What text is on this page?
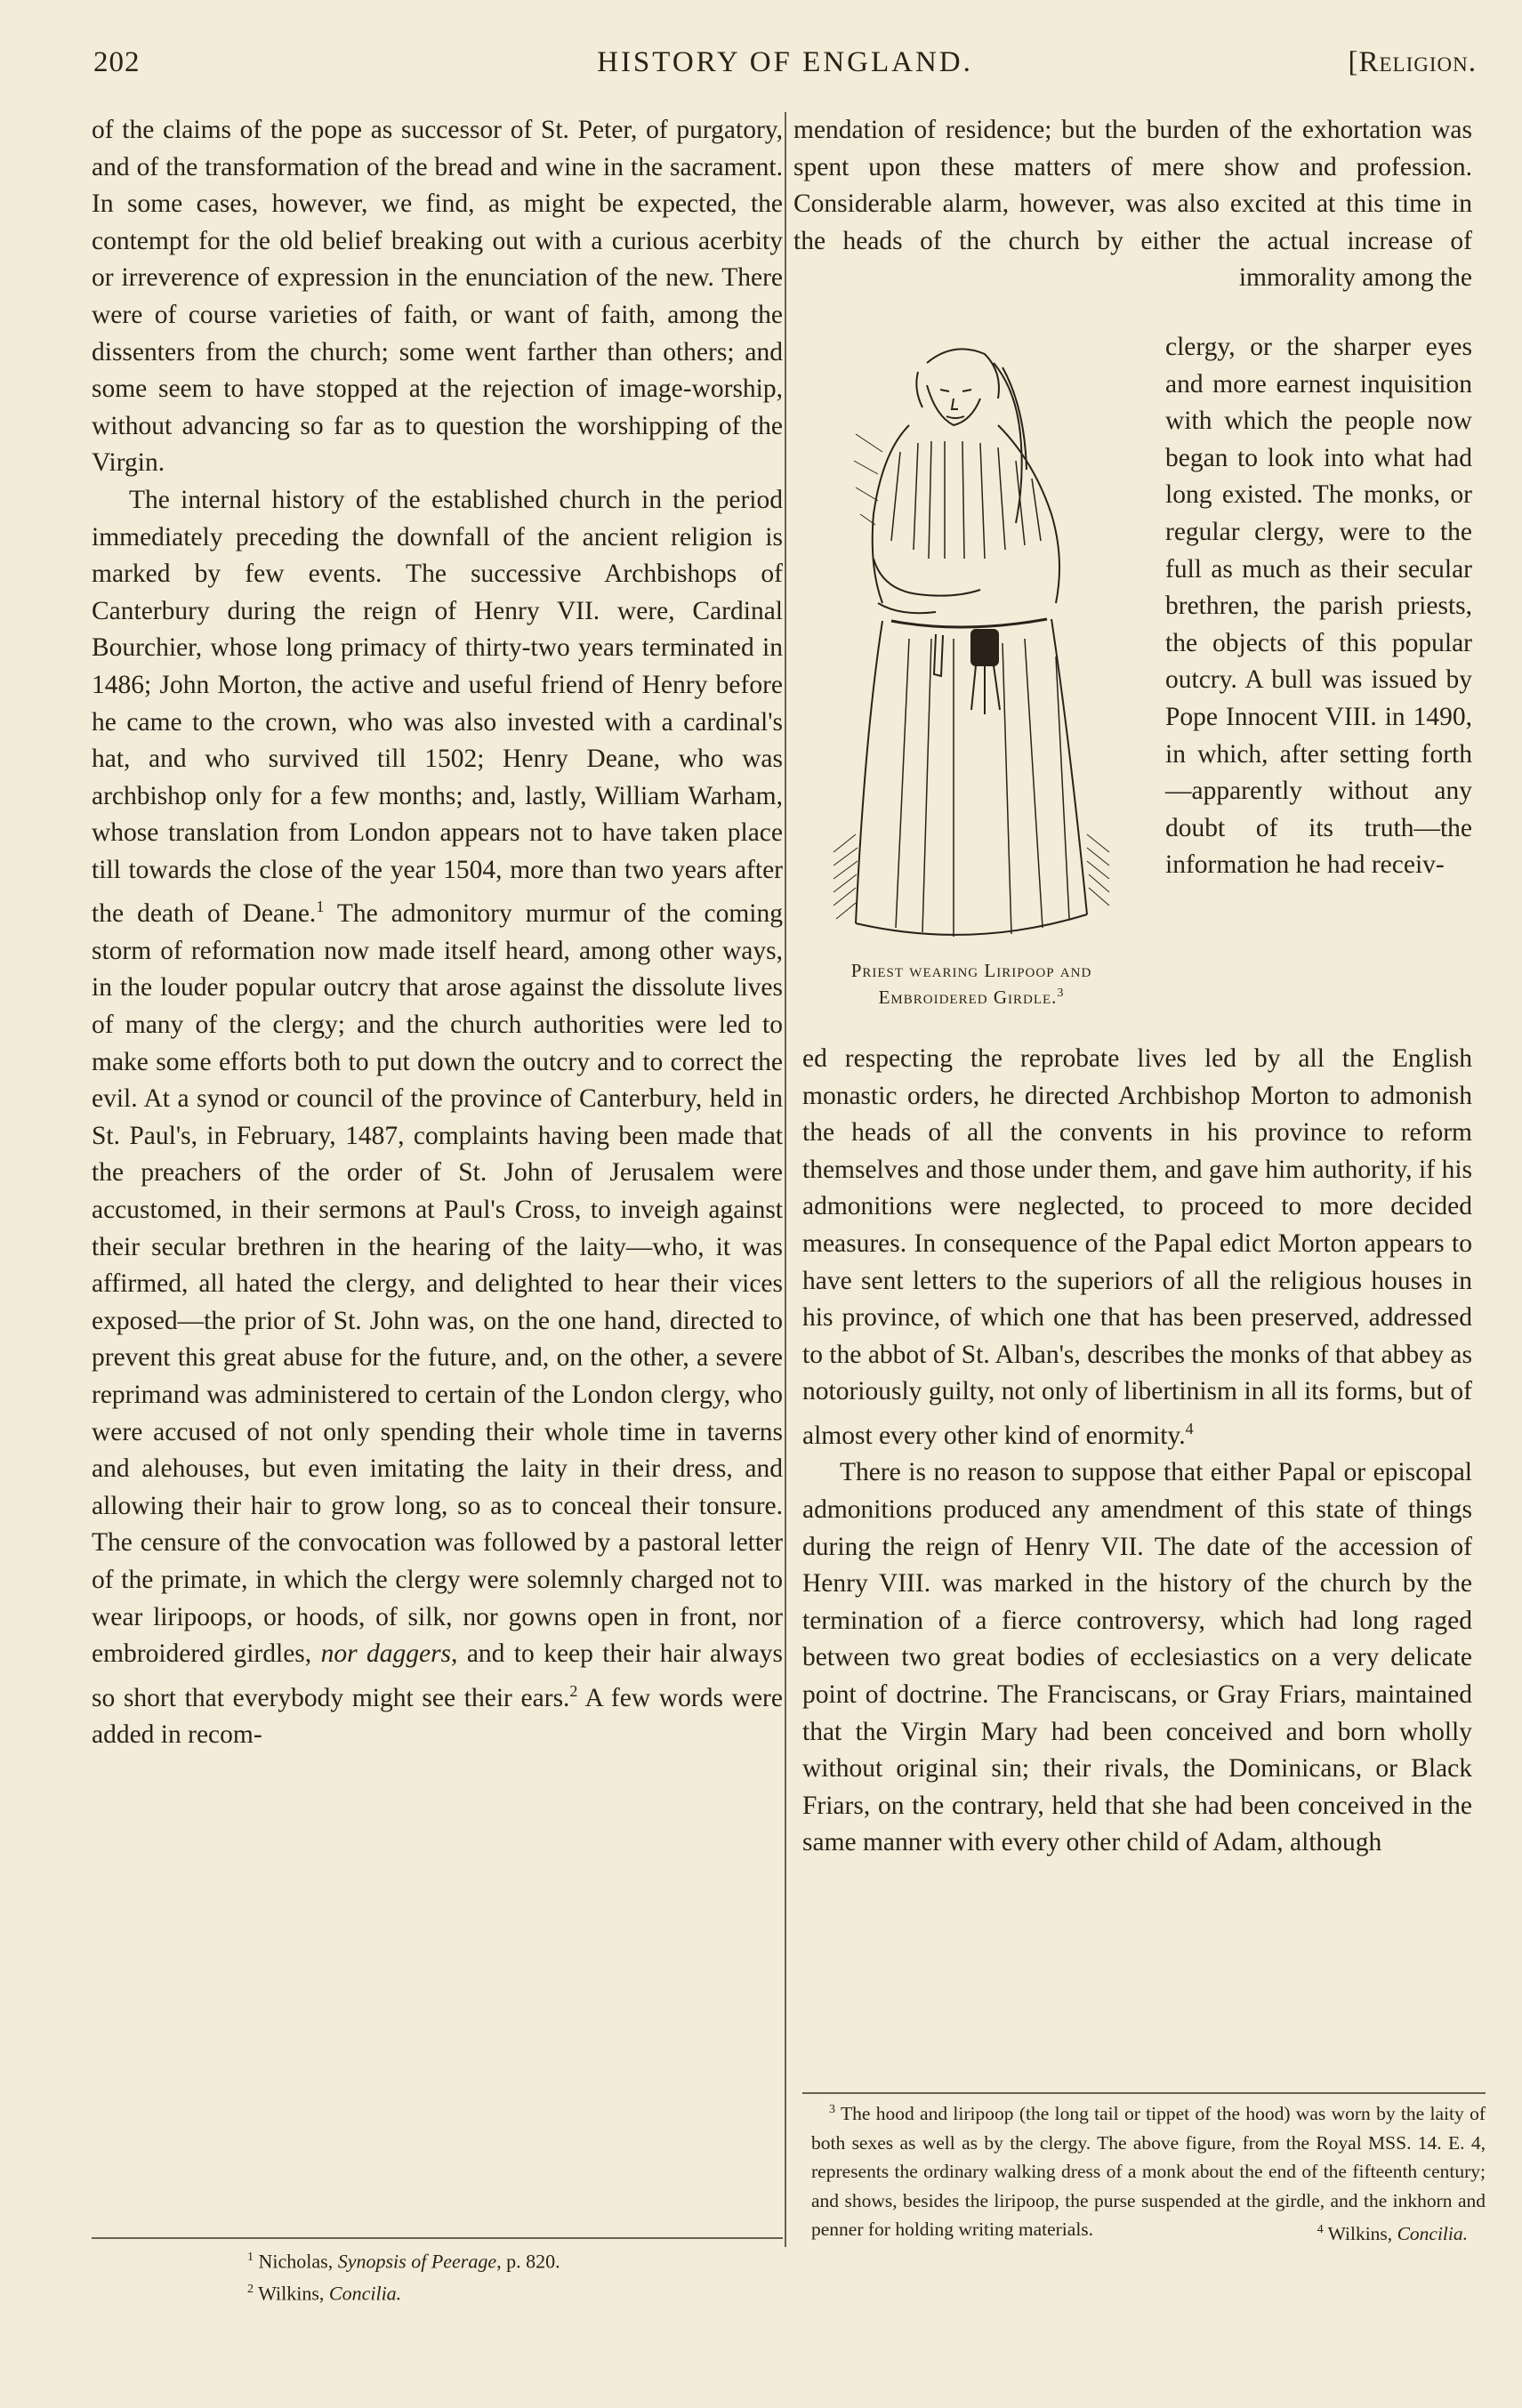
202	HISTORY OF ENGLAND.	[Religion.

of the claims of the pope as successor of St. Peter, of purgatory, and of the transformation of the bread and wine in the sacrament. In some cases, however, we find, as might be expected, the contempt for the old belief breaking out with a curious acerbity or irreverence of expression in the enunciation of the new. There were of course varieties of faith, or want of faith, among the dissenters from the church; some went farther than others; and some seem to have stopped at the rejection of image-worship, without advancing so far as to question the worshipping of the Virgin.

The internal history of the established church in the period immediately preceding the downfall of the ancient religion is marked by few events. The successive Archbishops of Canterbury during the reign of Henry VII. were, Cardinal Bourchier, whose long primacy of thirty-two years terminated in 1486; John Morton, the active and useful friend of Henry before he came to the crown, who was also invested with a cardinal's hat, and who survived till 1502; Henry Deane, who was archbishop only for a few months; and, lastly, William Warham, whose translation from London appears not to have taken place till towards the close of the year 1504, more than two years after the death of Deane.$^1$ The admonitory murmur of the coming storm of reformation now made itself heard, among other ways, in the louder popular outcry that arose against the dissolute lives of many of the clergy; and the church authorities were led to make some efforts both to put down the outcry and to correct the evil. At a synod or council of the province of Canterbury, held in St. Paul's, in February, 1487, complaints having been made that the preachers of the order of St. John of Jerusalem were accustomed, in their sermons at Paul's Cross, to inveigh against their secular brethren in the hearing of the laity—who, it was affirmed, all hated the clergy, and delighted to hear their vices exposed—the prior of St. John was, on the one hand, directed to prevent this great abuse for the future, and, on the other, a severe reprimand was administered to certain of the London clergy, who were accused of not only spending their whole time in taverns and alehouses, but even imitating the laity in their dress, and allowing their hair to grow long, so as to conceal their tonsure. The censure of the convocation was followed by a pastoral letter of the primate, in which the clergy were solemnly charged not to wear liripoops, or hoods, of silk, nor gowns open in front, nor embroidered girdles, nor daggers, and to keep their hair always so short that everybody might see their ears.$^2$ A few words were added in recom-

mendation of residence; but the burden of the exhortation was spent upon these matters of mere show and profession. Considerable alarm, however, was also excited at this time in the heads of the church by either the actual increase of immorality among the

Priest wearing Liripoop and
Embroidered Girdle.$^3$

clergy, or the sharper eyes and more earnest inquisition with which the people now began to look into what had long existed. The monks, or regular clergy, were to the full as much as their secular brethren, the parish priests, the objects of this popular outcry. A bull was issued by Pope Innocent VIII. in 1490, in which, after setting forth—apparently without any doubt of its truth—the information he had receiv-

ed respecting the reprobate lives led by all the English monastic orders, he directed Archbishop Morton to admonish the heads of all the convents in his province to reform themselves and those under them, and gave him authority, if his admonitions were neglected, to proceed to more decided measures. In consequence of the Papal edict Morton appears to have sent letters to the superiors of all the religious houses in his province, of which one that has been preserved, addressed to the abbot of St. Alban's, describes the monks of that abbey as notoriously guilty, not only of libertinism in all its forms, but of almost every other kind of enormity.$^4$

There is no reason to suppose that either Papal or episcopal admonitions produced any amendment of this state of things during the reign of Henry VII. The date of the accession of Henry VIII. was marked in the history of the church by the termination of a fierce controversy, which had long raged between two great bodies of ecclesiastics on a very delicate point of doctrine. The Franciscans, or Gray Friars, maintained that the Virgin Mary had been conceived and born wholly without original sin; their rivals, the Dominicans, or Black Friars, on the contrary, held that she had been conceived in the same manner with every other child of Adam, although

$^1$ Nicholas, Synopsis of Peerage, p. 820.

$^2$ Wilkins, Concilia.

$^3$ The hood and liripoop (the long tail or tippet of the hood) was worn by the laity of both sexes as well as by the clergy. The above figure, from the Royal MSS. 14. E. 4, represents the ordinary walking dress of a monk about the end of the fifteenth century; and shows, besides the liripoop, the purse suspended at the girdle, and the inkhorn and penner for holding writing materials.	$^4$ Wilkins, Concilia.
